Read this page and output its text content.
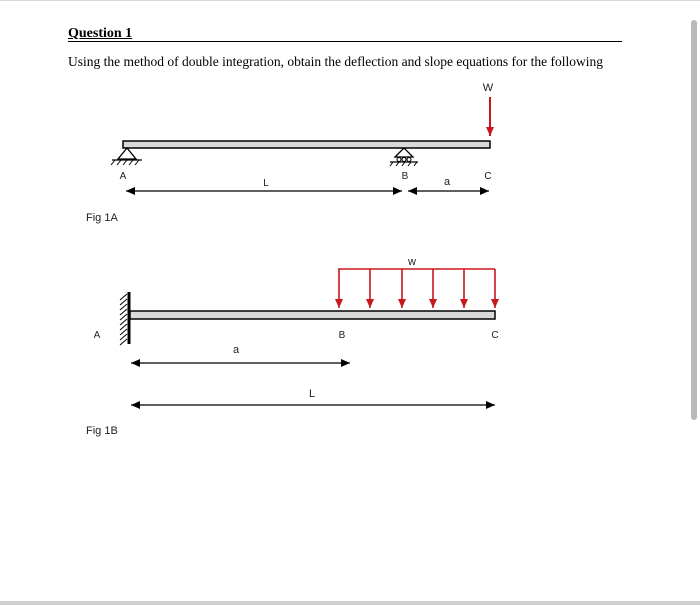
Question 1
Using the method of double integration, obtain the deflection and slope equations for the following
W
A	B	C
L	a
Fig 1A
w
A	B	C
a
L
Fig 1B
